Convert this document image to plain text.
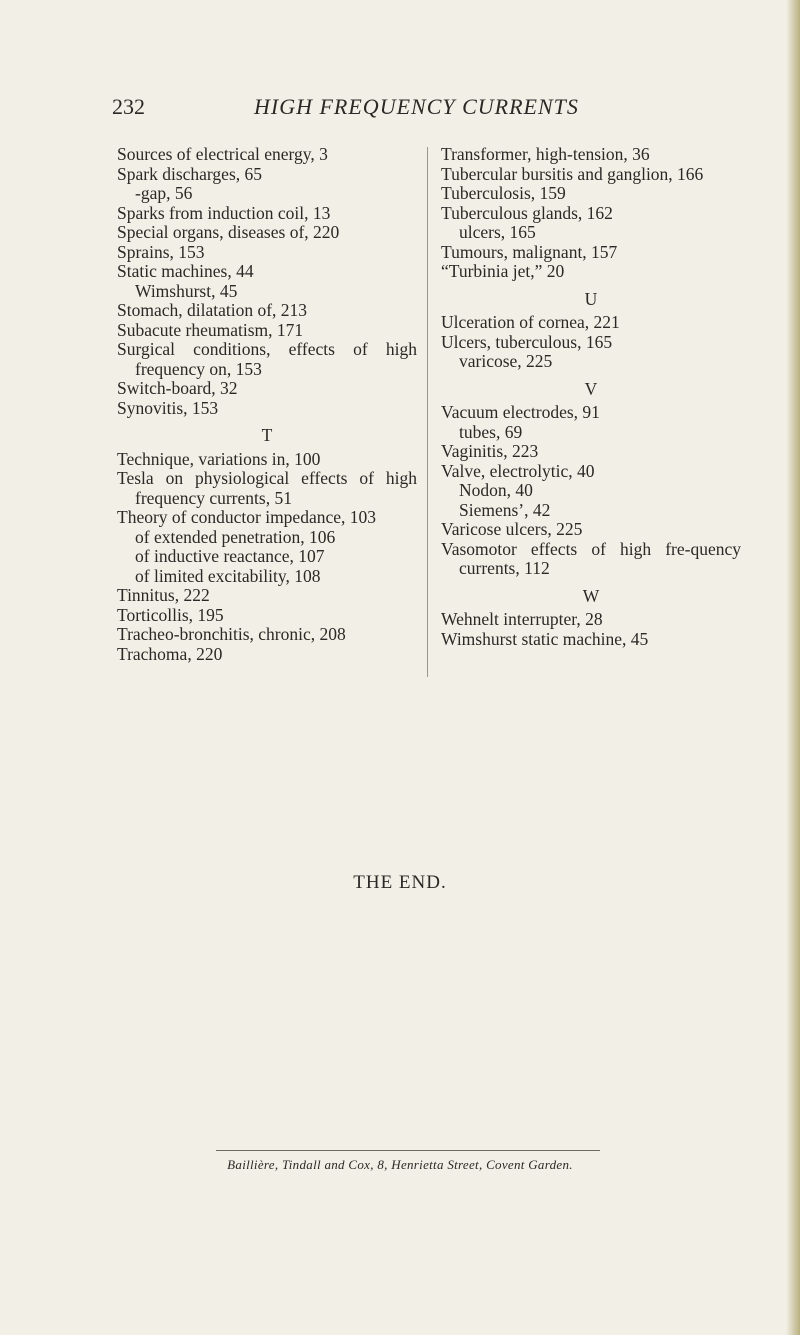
232	HIGH FREQUENCY CURRENTS

Sources of electrical energy, 3

Spark discharges, 65

-gap, 56

Sparks from induction coil, 13

Special organs, diseases of, 220

Sprains, 153

Static machines, 44

Wimshurst, 45

Stomach, dilatation of, 213

Subacute rheumatism, 171

Surgical conditions, effects of high frequency on, 153

Switch-board, 32

Synovitis, 153

T

Technique, variations in, 100

Tesla on physiological effects of high frequency currents, 51

Theory of conductor impedance, 103

of extended penetration, 106

of inductive reactance, 107

of limited excitability, 108

Tinnitus, 222

Torticollis, 195

Tracheo-bronchitis, chronic, 208

Trachoma, 220

Transformer, high-tension, 36

Tubercular bursitis and ganglion, 166

Tuberculosis, 159

Tuberculous glands, 162

ulcers, 165

Tumours, malignant, 157

“Turbinia jet,” 20

U

Ulceration of cornea, 221

Ulcers, tuberculous, 165

varicose, 225

V

Vacuum electrodes, 91

tubes, 69

Vaginitis, 223

Valve, electrolytic, 40

Nodon, 40

Siemens’, 42

Varicose ulcers, 225

Vasomotor effects of high fre-quency currents, 112

W

Wehnelt interrupter, 28

Wimshurst static machine, 45

THE END.
Baillière, Tindall and Cox, 8, Henrietta Street, Covent Garden.
